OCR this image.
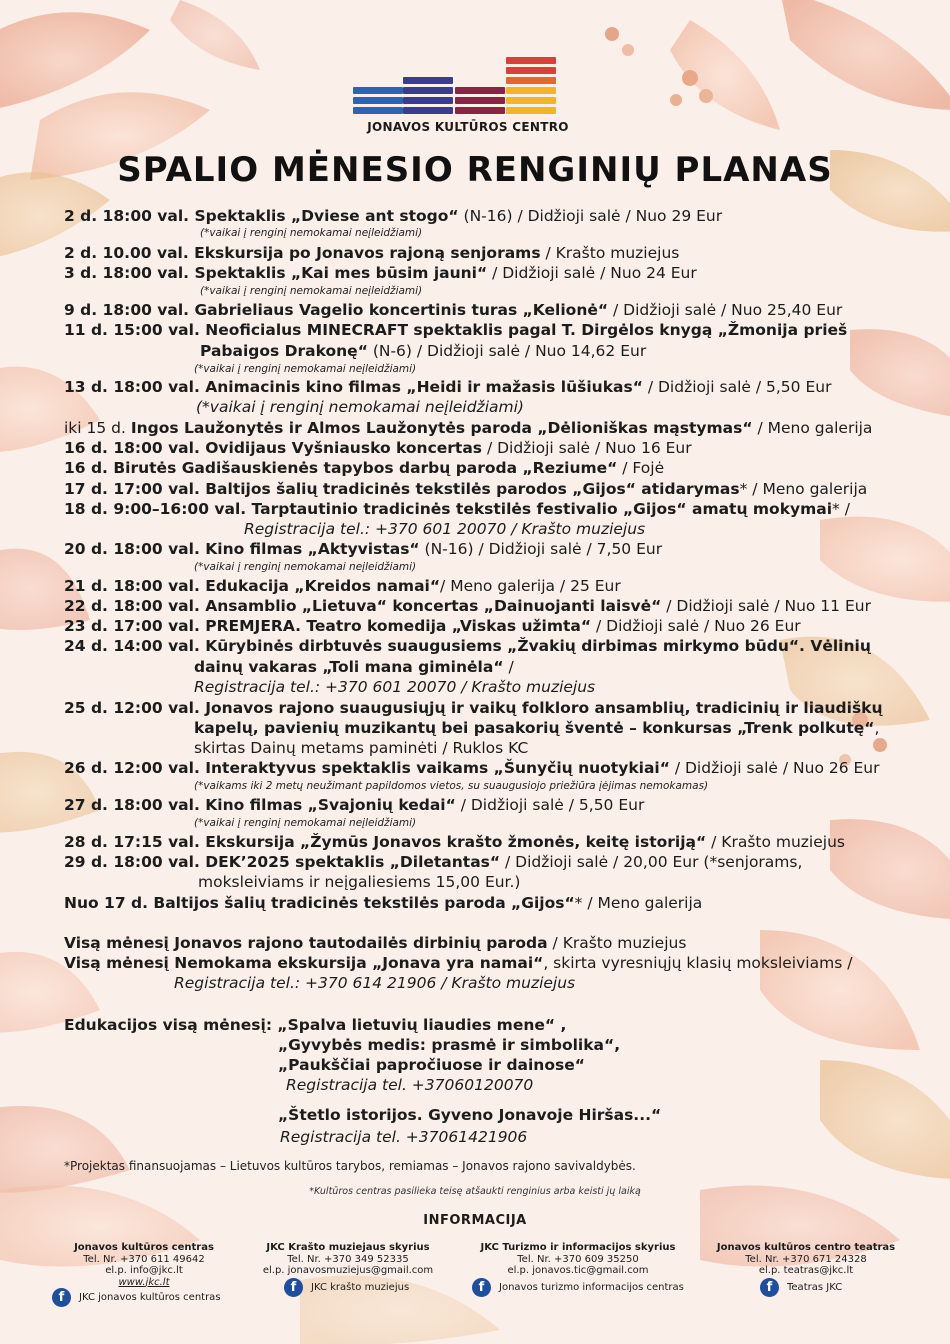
JONAVOS KULTŪROS CENTRO
SPALIO MĖNESIO RENGINIŲ PLANAS
2 d. 18:00 val. Spektaklis „Dviese ant stogo“ (N-16) / Didžioji salė / Nuo 29 Eur
(*vaikai į renginį nemokamai neįleidžiami)
2 d. 10.00 val. Ekskursija po Jonavos rajoną senjorams / Krašto muziejus
3 d. 18:00 val. Spektaklis „Kai mes būsim jauni“ / Didžioji salė / Nuo 24 Eur
(*vaikai į renginį nemokamai neįleidžiami)
9 d. 18:00 val. Gabrieliaus Vagelio koncertinis turas „Kelionė“ / Didžioji salė / Nuo 25,40 Eur
11 d. 15:00 val. Neoficialus MINECRAFT spektaklis pagal T. Dirgėlos knygą „Žmonija prieš
Pabaigos Drakonę“ (N-6) / Didžioji salė / Nuo 14,62 Eur
(*vaikai į renginį nemokamai neįleidžiami)
13 d. 18:00 val. Animacinis kino filmas „Heidi ir mažasis lūšiukas“ / Didžioji salė / 5,50 Eur
(*vaikai į renginį nemokamai neįleidžiami)
iki 15 d. Ingos Laužonytės ir Almos Laužonytės paroda „Dėlioniškas mąstymas“ / Meno galerija
16 d. 18:00 val. Ovidijaus Vyšniausko koncertas / Didžioji salė / Nuo 16 Eur
16 d. Birutės Gadišauskienės tapybos darbų paroda „Reziume“ / Fojė
17 d. 17:00 val. Baltijos šalių tradicinės tekstilės parodos „Gijos“ atidarymas* / Meno galerija
18 d. 9:00–16:00 val. Tarptautinio tradicinės tekstilės festivalio „Gijos“ amatų mokymai* /
Registracija tel.: +370 601 20070 / Krašto muziejus
20 d. 18:00 val. Kino filmas „Aktyvistas“ (N-16) / Didžioji salė / 7,50 Eur
(*vaikai į renginį nemokamai neįleidžiami)
21 d. 18:00 val. Edukacija „Kreidos namai“/ Meno galerija / 25 Eur
22 d. 18:00 val. Ansamblio „Lietuva“ koncertas „Dainuojanti laisvė“ / Didžioji salė / Nuo 11 Eur
23 d. 17:00 val. PREMJERA. Teatro komedija „Viskas užimta“ / Didžioji salė / Nuo 26 Eur
24 d. 14:00 val. Kūrybinės dirbtuvės suaugusiems „Žvakių dirbimas mirkymo būdu“. Vėlinių
dainų vakaras „Toli mana giminėla“ /
Registracija tel.: +370 601 20070 / Krašto muziejus
25 d. 12:00 val. Jonavos rajono suaugusiųjų ir vaikų folkloro ansamblių, tradicinių ir liaudiškų
kapelų, pavienių muzikantų bei pasakorių šventė – konkursas „Trenk polkutę“,
skirtas Dainų metams paminėti / Ruklos KC
26 d. 12:00 val. Interaktyvus spektaklis vaikams „Šunyčių nuotykiai“ / Didžioji salė / Nuo 26 Eur
(*vaikams iki 2 metų neužimant papildomos vietos, su suaugusiojo priežiūra įėjimas nemokamas)
27 d. 18:00 val. Kino filmas „Svajonių kedai“ / Didžioji salė / 5,50 Eur
(*vaikai į renginį nemokamai neįleidžiami)
28 d. 17:15 val. Ekskursija „Žymūs Jonavos krašto žmonės, keitę istoriją“ / Krašto muziejus
29 d. 18:00 val. DEK’2025 spektaklis „Diletantas“ / Didžioji salė / 20,00 Eur (*senjorams,
moksleiviams ir neįgaliesiems 15,00 Eur.)
Nuo 17 d. Baltijos šalių tradicinės tekstilės paroda „Gijos“* / Meno galerija
Visą mėnesį Jonavos rajono tautodailės dirbinių paroda / Krašto muziejus
Visą mėnesį Nemokama ekskursija „Jonava yra namai“, skirta vyresniųjų klasių moksleiviams /
Registracija tel.: +370 614 21906 / Krašto muziejus
Edukacijos visą mėnesį: „Spalva lietuvių liaudies mene“ ,
„Gyvybės medis: prasmė ir simbolika“,
„Paukščiai papročiuose ir dainose“
Registracija tel. +37060120070
„Štetlo istorijos. Gyveno Jonavoje Hiršas...“
Registracija tel. +37061421906
*Projektas finansuojamas – Lietuvos kultūros tarybos, remiamas – Jonavos rajono savivaldybės.
*Kultūros centras pasilieka teisę atšaukti renginius arba keisti jų laiką
INFORMACIJA
Jonavos kultūros centras
Tel. Nr. +370 611 49642
el.p. info@jkc.lt
www.jkc.lt
f	JKC jonavos kultūros centras
JKC Krašto muziejaus skyrius
Tel. Nr. +370 349 52335
el.p. jonavosmuziejus@gmail.com
f	JKC krašto muziejus
JKC Turizmo ir informacijos skyrius
Tel. Nr. +370 609 35250
el.p. jonavos.tic@gmail.com
f	Jonavos turizmo informacijos centras
Jonavos kultūros centro teatras
Tel. Nr. +370 671 24328
el.p. teatras@jkc.lt
f	Teatras JKC
